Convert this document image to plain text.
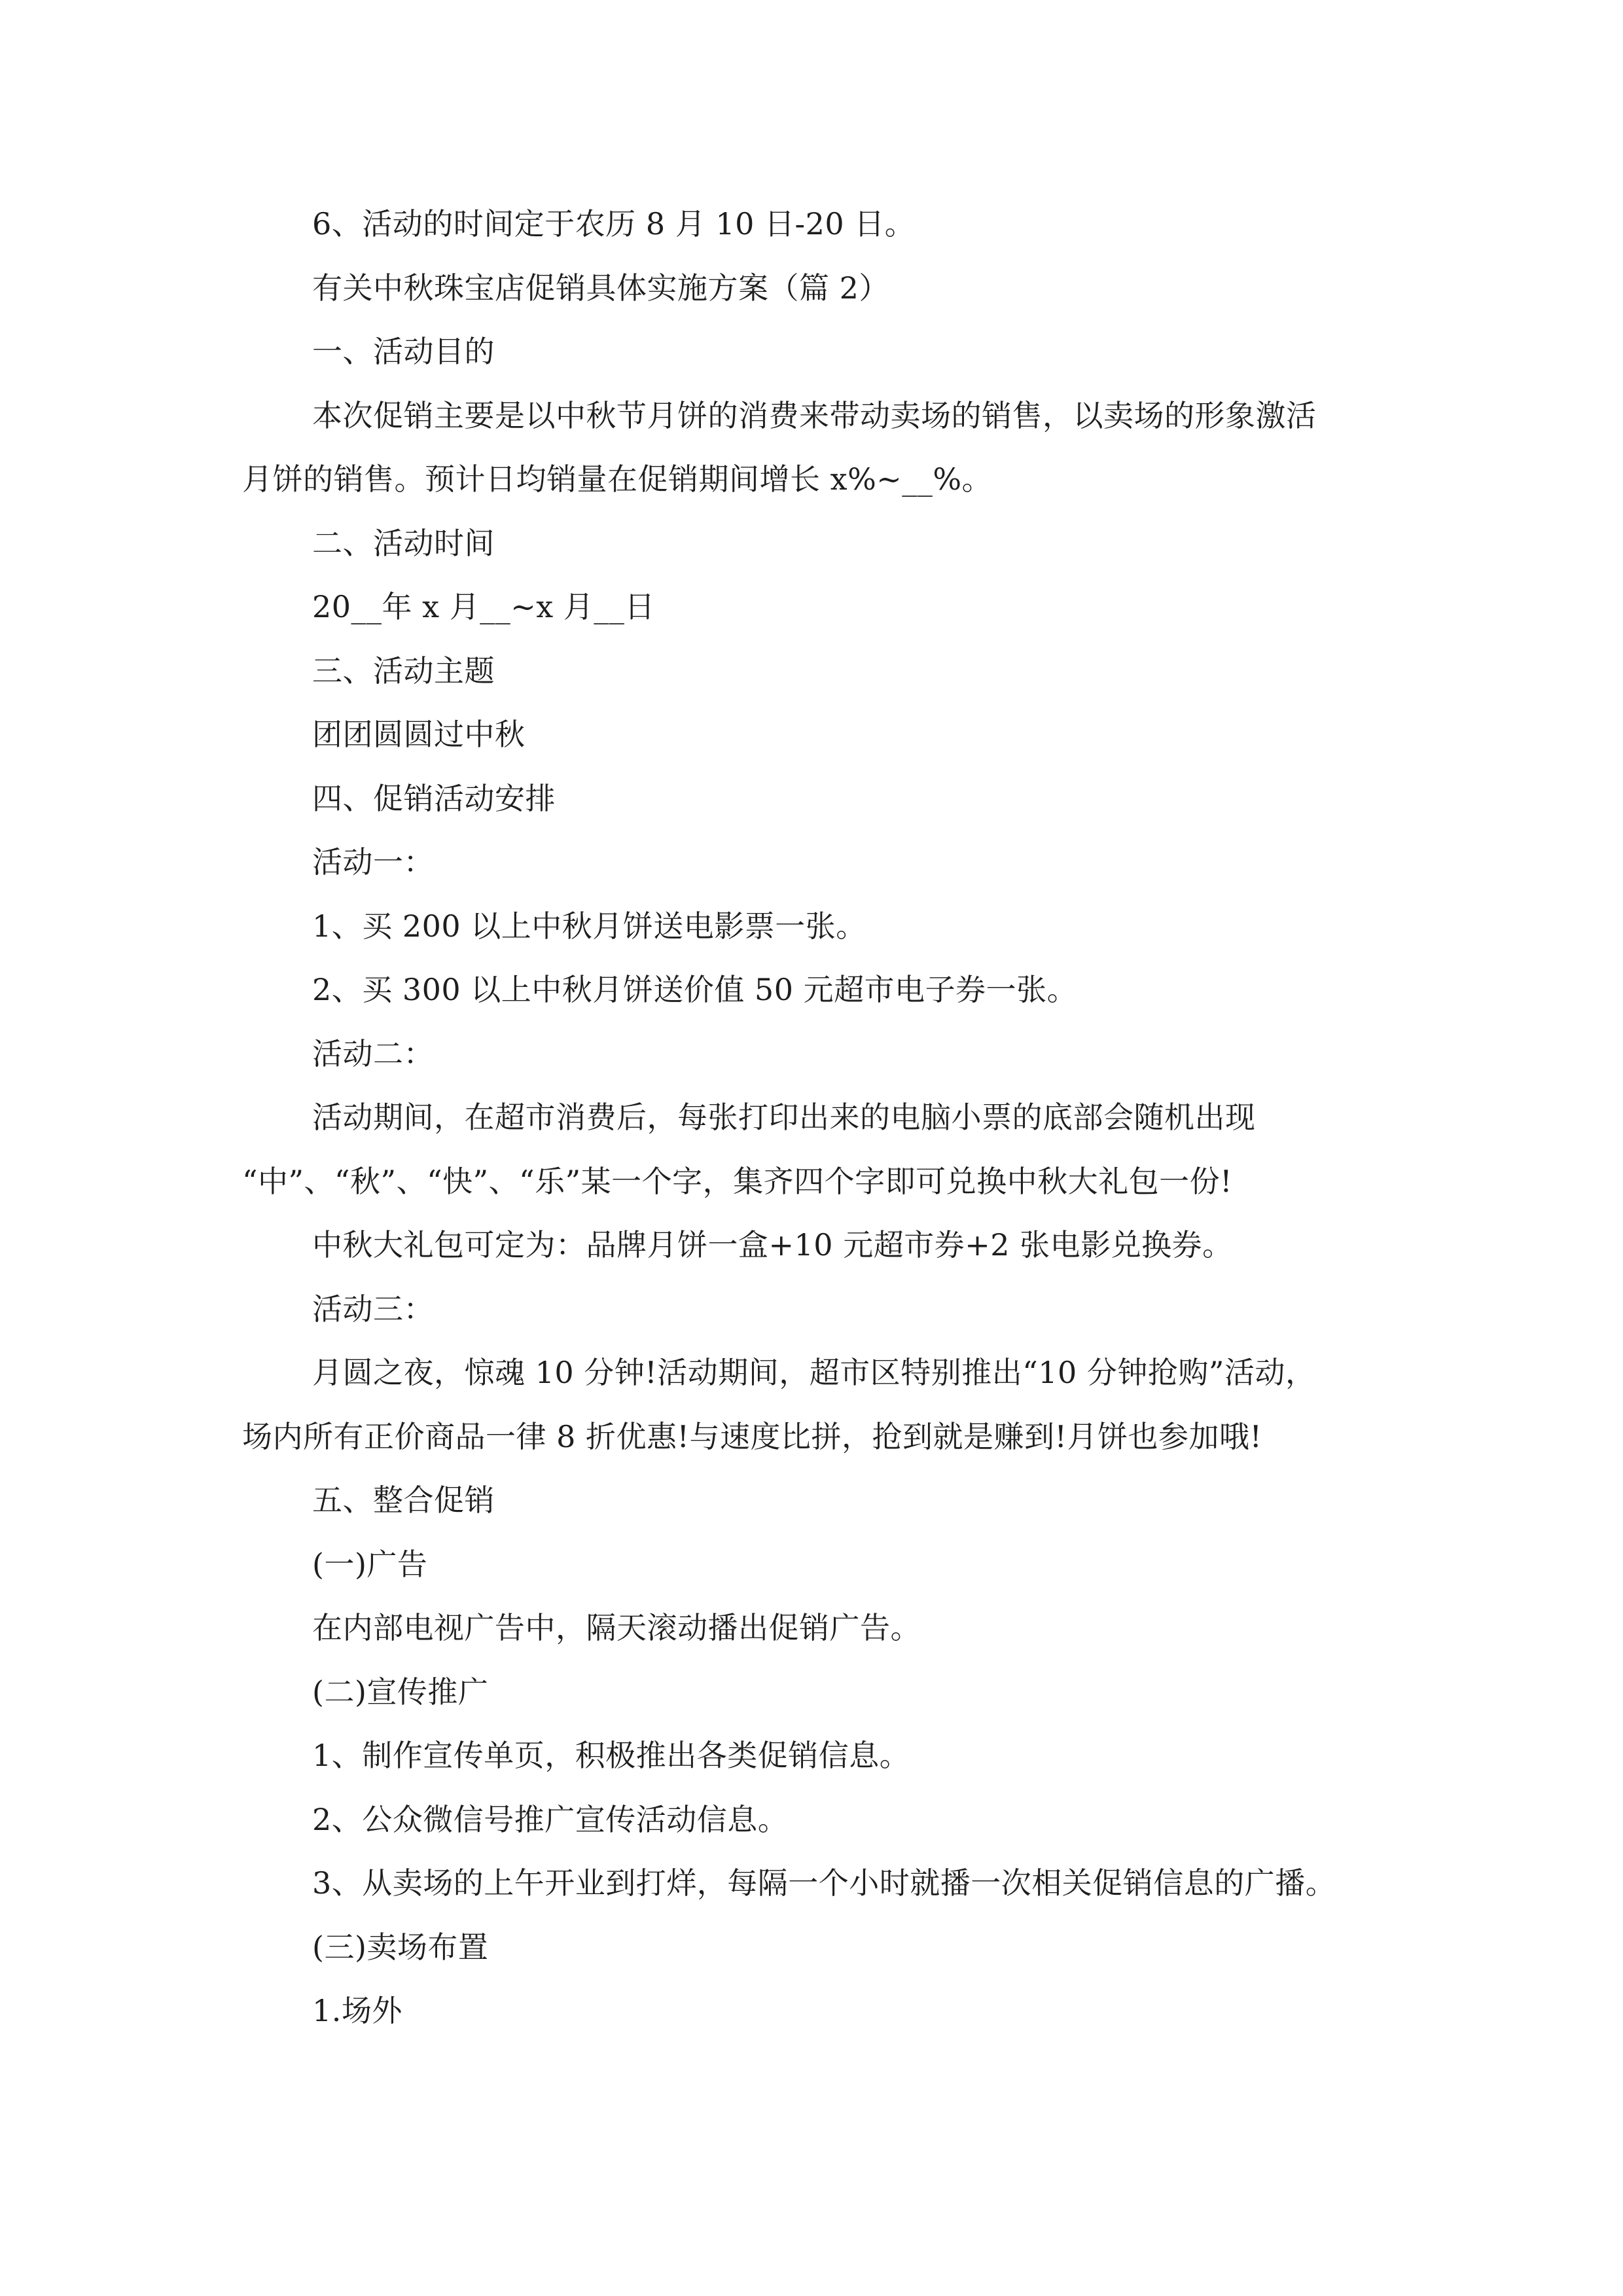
6、活动的时间定于农历 8 月 10 日-20 日。

有关中秋珠宝店促销具体实施方案（篇 2）

一、活动目的

本次促销主要是以中秋节月饼的消费来带动卖场的销售，以卖场的形象激活

月饼的销售。预计日均销量在促销期间增长 x%~__%。

二、活动时间

20__年 x 月__~x 月__日

三、活动主题

团团圆圆过中秋

四、促销活动安排

活动一：

1、买 200 以上中秋月饼送电影票一张。

2、买 300 以上中秋月饼送价值 50 元超市电子券一张。

活动二：

活动期间，在超市消费后，每张打印出来的电脑小票的底部会随机出现

“中”、“秋”、“快”、“乐”某一个字，集齐四个字即可兑换中秋大礼包一份!

中秋大礼包可定为：品牌月饼一盒+10 元超市券+2 张电影兑换券。

活动三：

月圆之夜，惊魂 10 分钟!活动期间，超市区特别推出“10 分钟抢购”活动，

场内所有正价商品一律 8 折优惠!与速度比拼，抢到就是赚到!月饼也参加哦!

五、整合促销

(一)广告

在内部电视广告中，隔天滚动播出促销广告。

(二)宣传推广

1、制作宣传单页，积极推出各类促销信息。

2、公众微信号推广宣传活动信息。

3、从卖场的上午开业到打烊，每隔一个小时就播一次相关促销信息的广播。

(三)卖场布置

1.场外
